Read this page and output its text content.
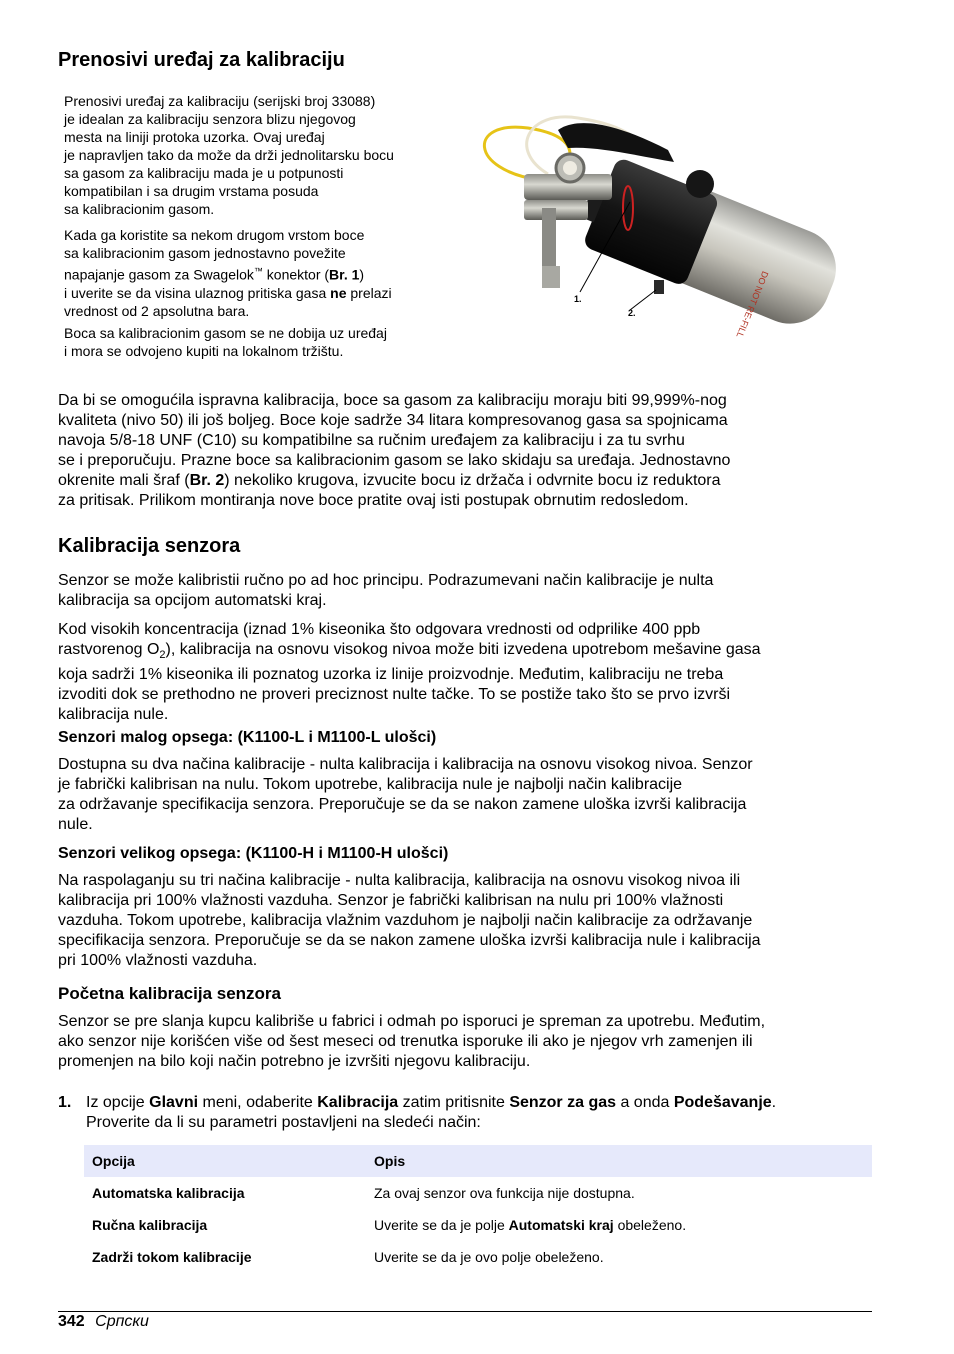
Prenosivi uređaj za kalibraciju
Prenosivi uređaj za kalibraciju (serijski broj 33088)
je idealan za kalibraciju senzora blizu njegovog
mesta na liniji protoka uzorka. Ovaj uređaj
je napravljen tako da može da drži jednolitarsku bocu
sa gasom za kalibraciju mada je u potpunosti
kompatibilan i sa drugim vrstama posuda
sa kalibracionim gasom.
Kada ga koristite sa nekom drugom vrstom boce
sa kalibracionim gasom jednostavno povežite
napajanje gasom za Swagelok™ konektor (Br. 1)
i uverite se da visina ulaznog pritiska gasa ne prelazi
vrednost od 2 apsolutna bara.
Boca sa kalibracionim gasom se ne dobija uz uređaj
i mora se odvojeno kupiti na lokalnom tržištu.
DO NOT RE-FILL
1.
2.
Da bi se omogućila ispravna kalibracija, boce sa gasom za kalibraciju moraju biti 99,999%-nog
kvaliteta (nivo 50) ili još boljeg. Boce koje sadrže 34 litara kompresovanog gasa sa spojnicama
navoja 5/8-18 UNF (C10) su kompatibilne sa ručnim uređajem za kalibraciju i za tu svrhu
se i preporučuju. Prazne boce sa kalibracionim gasom se lako skidaju sa uređaja. Jednostavno
okrenite mali šraf (Br. 2) nekoliko krugova, izvucite bocu iz držača i odvrnite bocu iz reduktora
za pritisak. Prilikom montiranja nove boce pratite ovaj isti postupak obrnutim redosledom.
Kalibracija senzora
Senzor se može kalibristii ručno po ad hoc principu. Podrazumevani način kalibracije je nulta
kalibracija sa opcijom automatski kraj.
Kod visokih koncentracija (iznad 1% kiseonika što odgovara vrednosti od odprilike 400 ppb
rastvorenog $O_2$), kalibracija na osnovu visokog nivoa može biti izvedena upotrebom mešavine gasa
koja sadrži 1% kiseonika ili poznatog uzorka iz linije proizvodnje. Međutim, kalibraciju ne treba
izvoditi dok se prethodno ne proveri preciznost nulte tačke. To se postiže tako što se prvo izvrši
kalibracija nule.
Senzori malog opsega: (K1100-L i M1100-L ulošci)
Dostupna su dva načina kalibracije - nulta kalibracija i kalibracija na osnovu visokog nivoa. Senzor
je fabrički kalibrisan na nulu. Tokom upotrebe, kalibracija nule je najbolji način kalibracije
za održavanje specifikacija senzora. Preporučuje se da se nakon zamene uloška izvrši kalibracija
nule.
Senzori velikog opsega: (K1100-H i M1100-H ulošci)
Na raspolaganju su tri načina kalibracije - nulta kalibracija, kalibracija na osnovu visokog nivoa ili
kalibracija pri 100% vlažnosti vazduha. Senzor je fabrički kalibrisan na nulu pri 100% vlažnosti
vazduha. Tokom upotrebe, kalibracija vlažnim vazduhom je najbolji način kalibracije za održavanje
specifikacija senzora. Preporučuje se da se nakon zamene uloška izvrši kalibracija nule i kalibracija
pri 100% vlažnosti vazduha.
Početna kalibracija senzora
Senzor se pre slanja kupcu kalibriše u fabrici i odmah po isporuci je spreman za upotrebu. Međutim,
ako senzor nije korišćen više od šest meseci od trenutka isporuke ili ako je njegov vrh zamenjen ili
promenjen na bilo koji način potrebno je izvršiti njegovu kalibraciju.
1. Iz opcije Glavni meni, odaberite Kalibracija zatim pritisnite Senzor za gas a onda Podešavanje.
Proverite da li su parametri postavljeni na sledeći način:
Opcija	Opis
Automatska kalibracija	Za ovaj senzor ova funkcija nije dostupna.
Ručna kalibracija	Uverite se da je polje Automatski kraj obeleženo.
Zadrži tokom kalibracije	Uverite se da je ovo polje obeleženo.
342 Српски
